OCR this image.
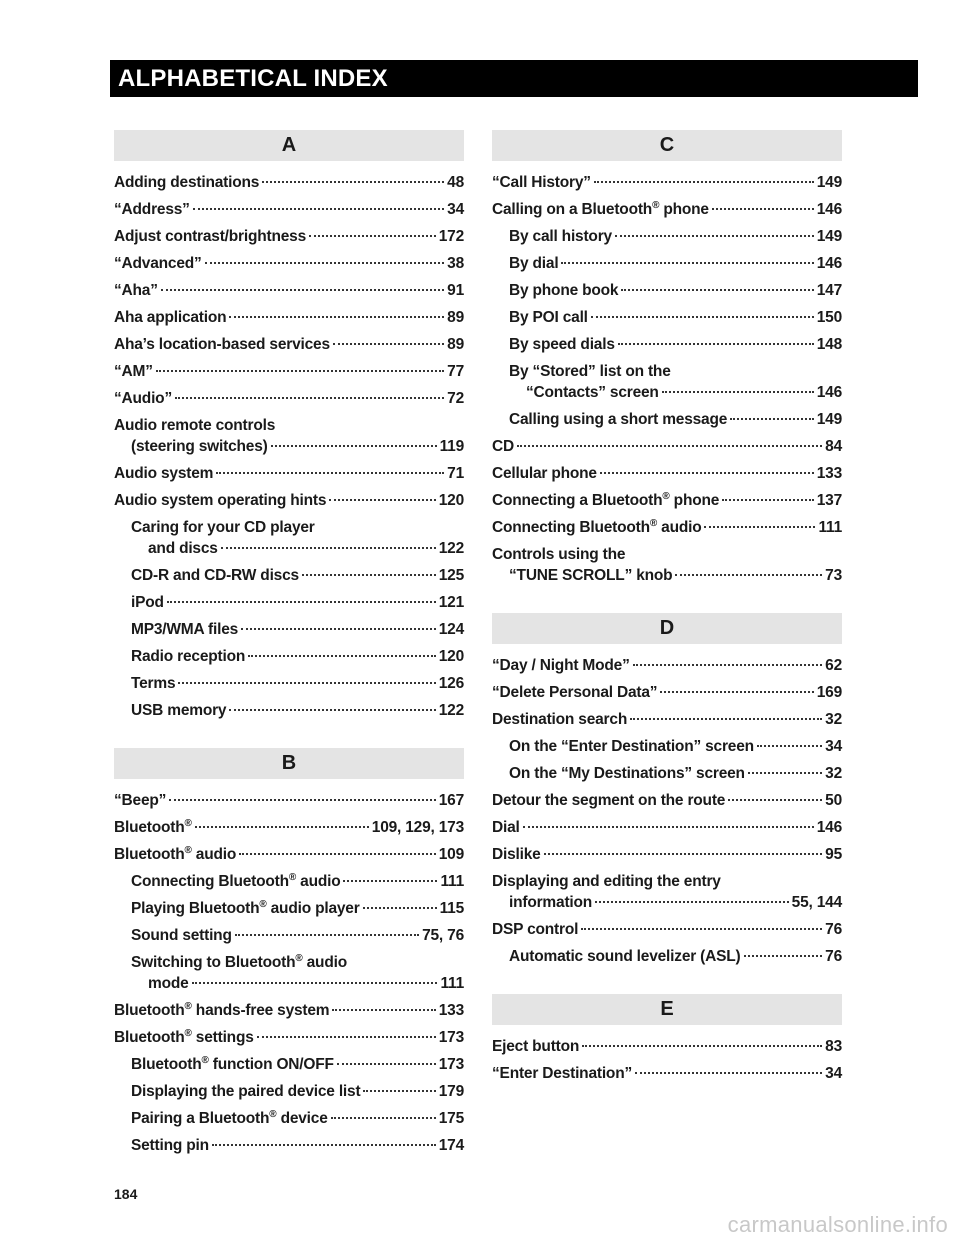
ALPHABETICAL INDEX
A
Adding destinations	48
“Address”	34
Adjust contrast/brightness	172
“Advanced”	38
“Aha”	91
Aha application	89
Aha’s location-based services	89
“AM”	77
“Audio”	72
Audio remote controls
(steering switches)	119
Audio system	71
Audio system operating hints	120
Caring for your CD player
and discs	122
CD-R and CD-RW discs	125
iPod	121
MP3/WMA files	124
Radio reception	120
Terms	126
USB memory	122
B
“Beep”	167
Bluetooth®	109, 129, 173
Bluetooth® audio	109
Connecting Bluetooth® audio	111
Playing Bluetooth® audio player	115
Sound setting	75, 76
Switching to Bluetooth® audio
mode	111
Bluetooth® hands-free system	133
Bluetooth® settings	173
Bluetooth® function ON/OFF	173
Displaying the paired device list	179
Pairing a Bluetooth® device	175
Setting pin	174
C
“Call History”	149
Calling on a Bluetooth® phone	146
By call history	149
By dial	146
By phone book	147
By POI call	150
By speed dials	148
By “Stored” list on the
“Contacts” screen	146
Calling using a short message	149
CD	84
Cellular phone	133
Connecting a Bluetooth® phone	137
Connecting Bluetooth® audio	111
Controls using the
“TUNE SCROLL” knob	73
D
“Day / Night Mode”	62
“Delete Personal Data”	169
Destination search	32
On the “Enter Destination” screen	34
On the “My Destinations” screen	32
Detour the segment on the route	50
Dial	146
Dislike	95
Displaying and editing the entry
information	55, 144
DSP control	76
Automatic sound levelizer (ASL)	76
E
Eject button	83
“Enter Destination”	34
184
carmanualsonline.info
